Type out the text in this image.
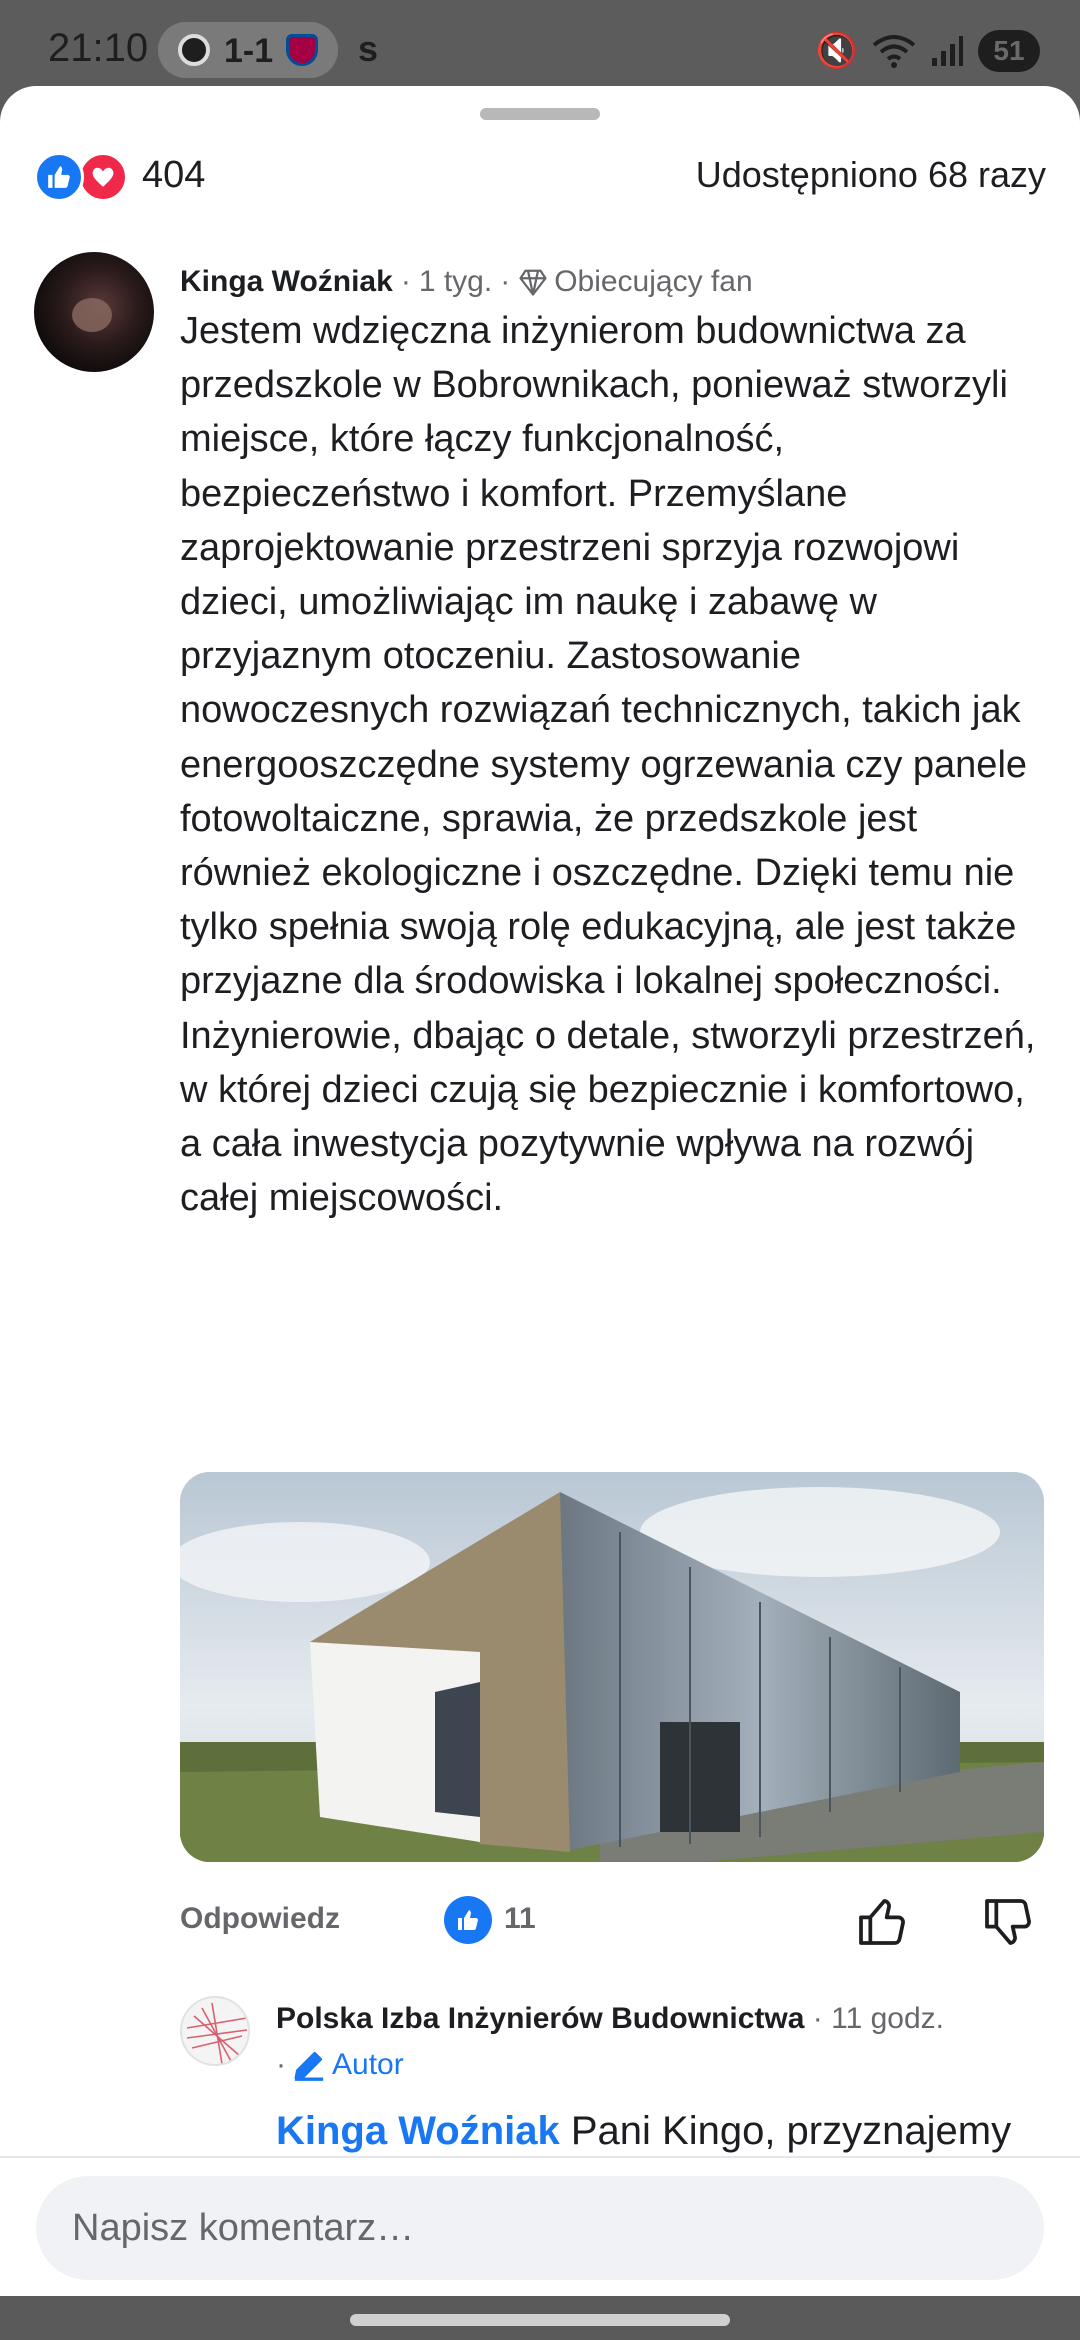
21:10 1-1 s	🔇	51
404	Udostępniono 68 razy
Kinga Woźniak · 1 tyg. · Obiecujący fan
Jestem wdzięczna inżynierom budownictwa za przedszkole w Bobrownikach, ponieważ stworzyli miejsce, które łączy funkcjonalność, bezpieczeństwo i komfort. Przemyślane zaprojektowanie przestrzeni sprzyja rozwojowi dzieci, umożliwiając im naukę i zabawę w przyjaznym otoczeniu. Zastosowanie nowoczesnych rozwiązań technicznych, takich jak energooszczędne systemy ogrzewania czy panele fotowoltaiczne, sprawia, że przedszkole jest również ekologiczne i oszczędne. Dzięki temu nie tylko spełnia swoją rolę edukacyjną, ale jest także przyjazne dla środowiska i lokalnej społeczności. Inżynierowie, dbając o detale, stworzyli przestrzeń, w której dzieci czują się bezpiecznie i komfortowo, a cała inwestycja pozytywnie wpływa na rozwój całej miejscowości.
Odpowiedz	11
Polska Izba Inżynierów Budownictwa · 11 godz.
· Autor
Kinga Woźniak Pani Kingo, przyznajemy
Napisz komentarz…
